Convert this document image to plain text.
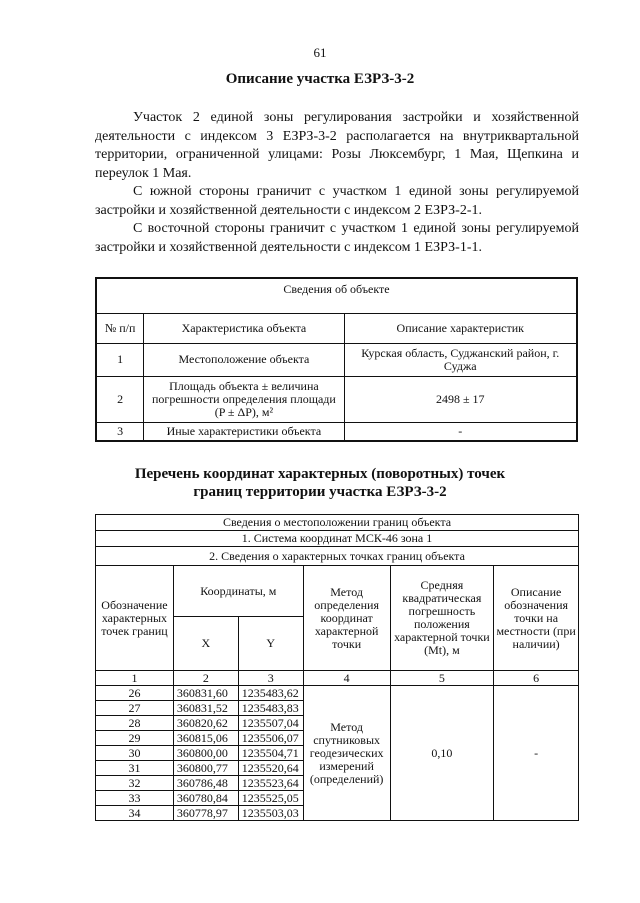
61
Описание участка ЕЗРЗ-3-2

Участок 2 единой зоны регулирования застройки и хозяйственной деятельности с индексом 3 ЕЗРЗ-3-2 располагается на внутриквартальной территории, ограниченной улицами: Розы Люксембург, 1 Мая, Щепкина и переулок 1 Мая.

С южной стороны граничит с участком 1 единой зоны регулируемой застройки и хозяйственной деятельности с индексом 2 ЕЗРЗ-2-1.

С восточной стороны граничит с участком 1 единой зоны регулируемой застройки и хозяйственной деятельности с индексом 1 ЕЗРЗ-1-1.

Сведения об объекте		
№ п/п	Характеристика объекта	Описание характеристик
1	Местоположение объекта	Курская область, Суджанский район, г. Суджа
2	Площадь объекта ± величина погрешности определения площади (P ± ΔP), м²	2498 ± 17
3	Иные характеристики объекта	-
Перечень координат характерных (поворотных) точек
границ территории участка ЕЗРЗ-3-2
Сведения о местоположении границ объекта					
1. Система координат МСК-46 зона 1					
2. Сведения о характерных точках границ объекта					
Обозначение характерных точек границ	Координаты, м		Метод определения координат характерной точки	Средняя квадратическая погрешность положения характерной точки (Mt), м	Описание обозначения точки на местности (при наличии)
	X	Y			
1	2	3	4	5	6
26	360831,60	1235483,62	Метод спутниковых геодезических измерений (определений)	0,10	-
27	360831,52	1235483,83			
28	360820,62	1235507,04			
29	360815,06	1235506,07			
30	360800,00	1235504,71			
31	360800,77	1235520,64			
32	360786,48	1235523,64			
33	360780,84	1235525,05			
34	360778,97	1235503,03			
